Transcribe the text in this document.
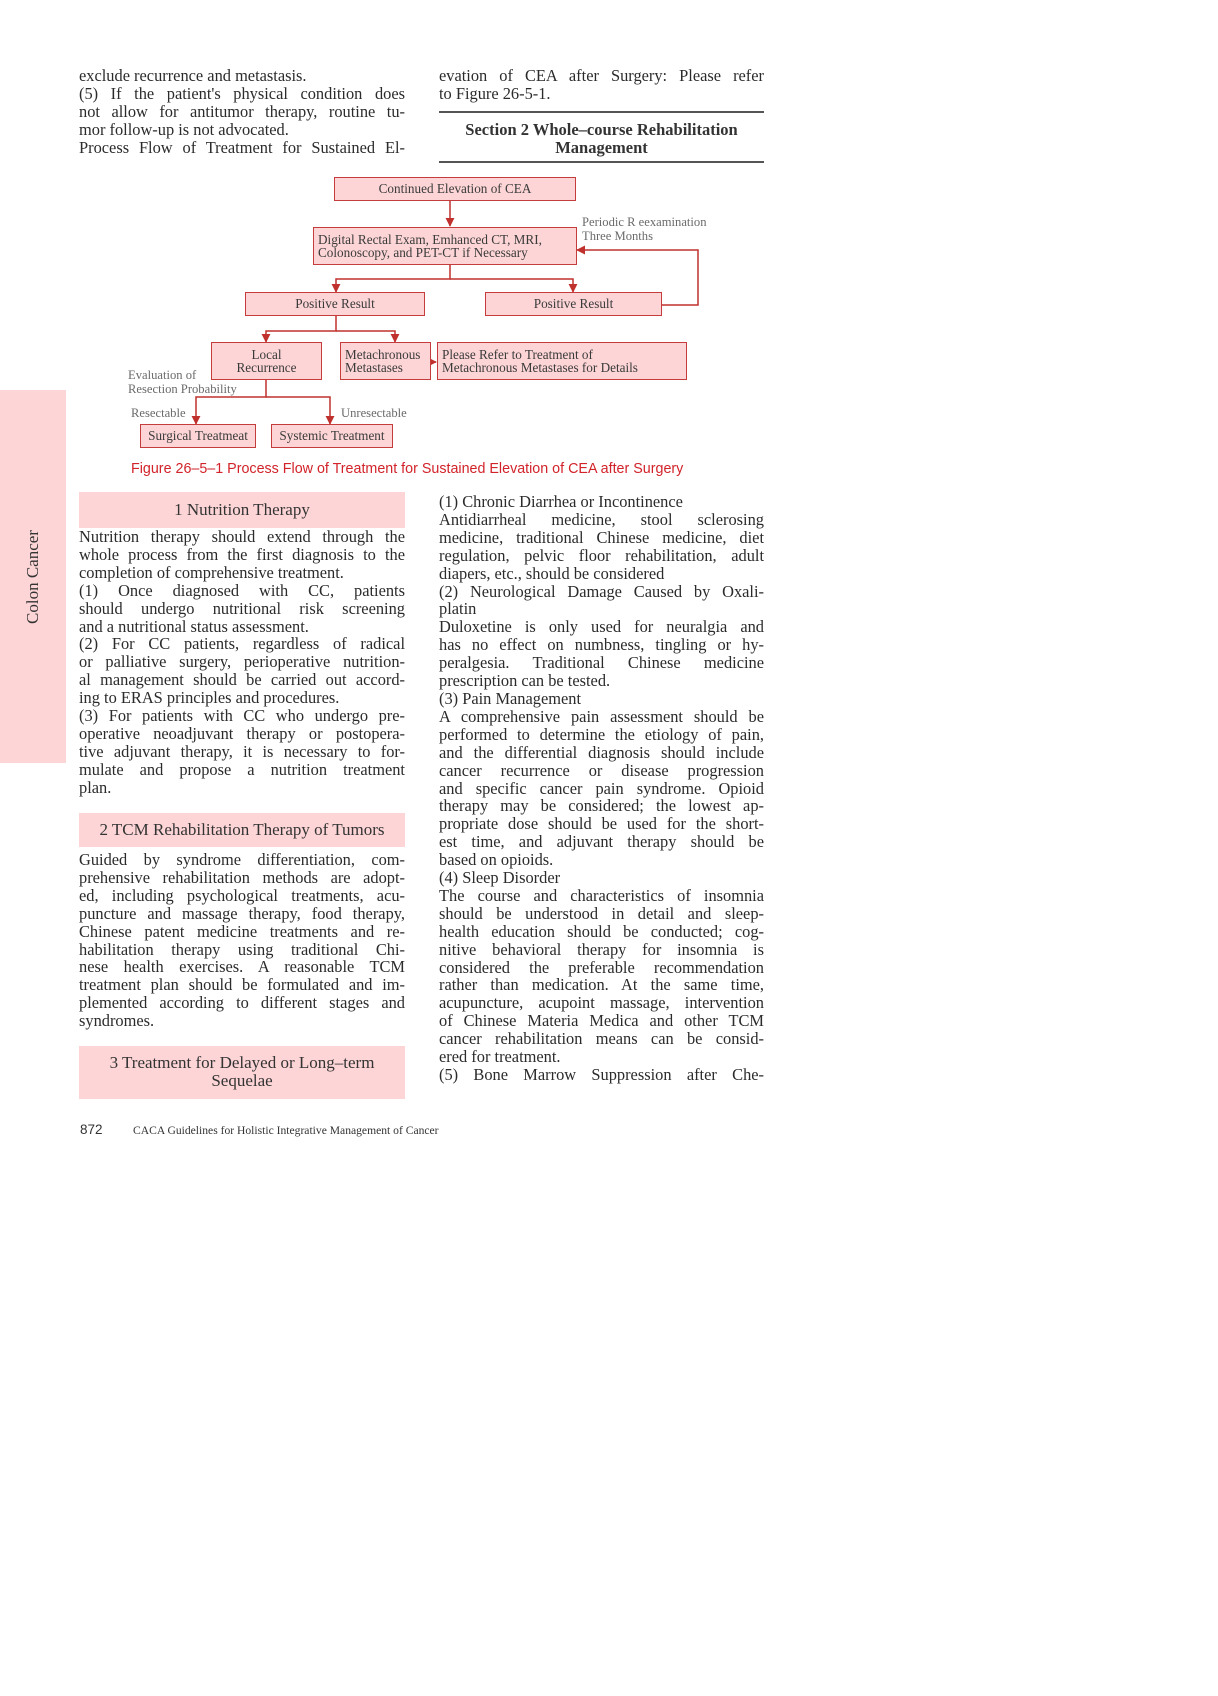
Colon Cancer
exclude recurrence and metastasis.
(5) If the patient's physical condition does
not allow for antitumor therapy, routine tu-
mor follow-up is not advocated.
Process Flow of Treatment for Sustained El-
evation of CEA after Surgery: Please refer
to Figure 26-5-1.
Section 2 Whole–course Rehabilitation
Management
Continued Elevation of CEA
Digital Rectal Exam, Emhanced CT, MRI,
Colonoscopy, and PET-CT if Necessary
Periodic R eexamination
Three Months
Positive Result	Positive Result
Local
Recurrence
Metachronous
Metastases
Please Refer to Treatment of
Metachronous Metastases for Details
Evaluation of
Resection Probability
Resectable	Unresectable
Surgical Treatmeat Systemic Treatment
Figure 26–5–1 Process Flow of Treatment for Sustained Elevation of CEA after Surgery
1 Nutrition Therapy
Nutrition therapy should extend through the
whole process from the first diagnosis to the
completion of comprehensive treatment.
(1) Once diagnosed with CC, patients
should undergo nutritional risk screening
and a nutritional status assessment.
(2) For CC patients, regardless of radical
or palliative surgery, perioperative nutrition-
al management should be carried out accord-
ing to ERAS principles and procedures.
(3) For patients with CC who undergo pre-
operative neoadjuvant therapy or postopera-
tive adjuvant therapy, it is necessary to for-
mulate and propose a nutrition treatment
plan.
2 TCM Rehabilitation Therapy of Tumors
Guided by syndrome differentiation, com-
prehensive rehabilitation methods are adopt-
ed, including psychological treatments, acu-
puncture and massage therapy, food therapy,
Chinese patent medicine treatments and re-
habilitation therapy using traditional Chi-
nese health exercises. A reasonable TCM
treatment plan should be formulated and im-
plemented according to different stages and
syndromes.
3 Treatment for Delayed or Long–term
Sequelae
(1) Chronic Diarrhea or Incontinence
Antidiarrheal medicine, stool sclerosing
medicine, traditional Chinese medicine, diet
regulation, pelvic floor rehabilitation, adult
diapers, etc., should be considered
(2) Neurological Damage Caused by Oxali-
platin
Duloxetine is only used for neuralgia and
has no effect on numbness, tingling or hy-
peralgesia. Traditional Chinese medicine
prescription can be tested.
(3) Pain Management
A comprehensive pain assessment should be
performed to determine the etiology of pain,
and the differential diagnosis should include
cancer recurrence or disease progression
and specific cancer pain syndrome. Opioid
therapy may be considered; the lowest ap-
propriate dose should be used for the short-
est time, and adjuvant therapy should be
based on opioids.
(4) Sleep Disorder
The course and characteristics of insomnia
should be understood in detail and sleep-
health education should be conducted; cog-
nitive behavioral therapy for insomnia is
considered the preferable recommendation
rather than medication. At the same time,
acupuncture, acupoint massage, intervention
of Chinese Materia Medica and other TCM
cancer rehabilitation means can be consid-
ered for treatment.
(5) Bone Marrow Suppression after Che-
872	CACA Guidelines for Holistic Integrative Management of Cancer
